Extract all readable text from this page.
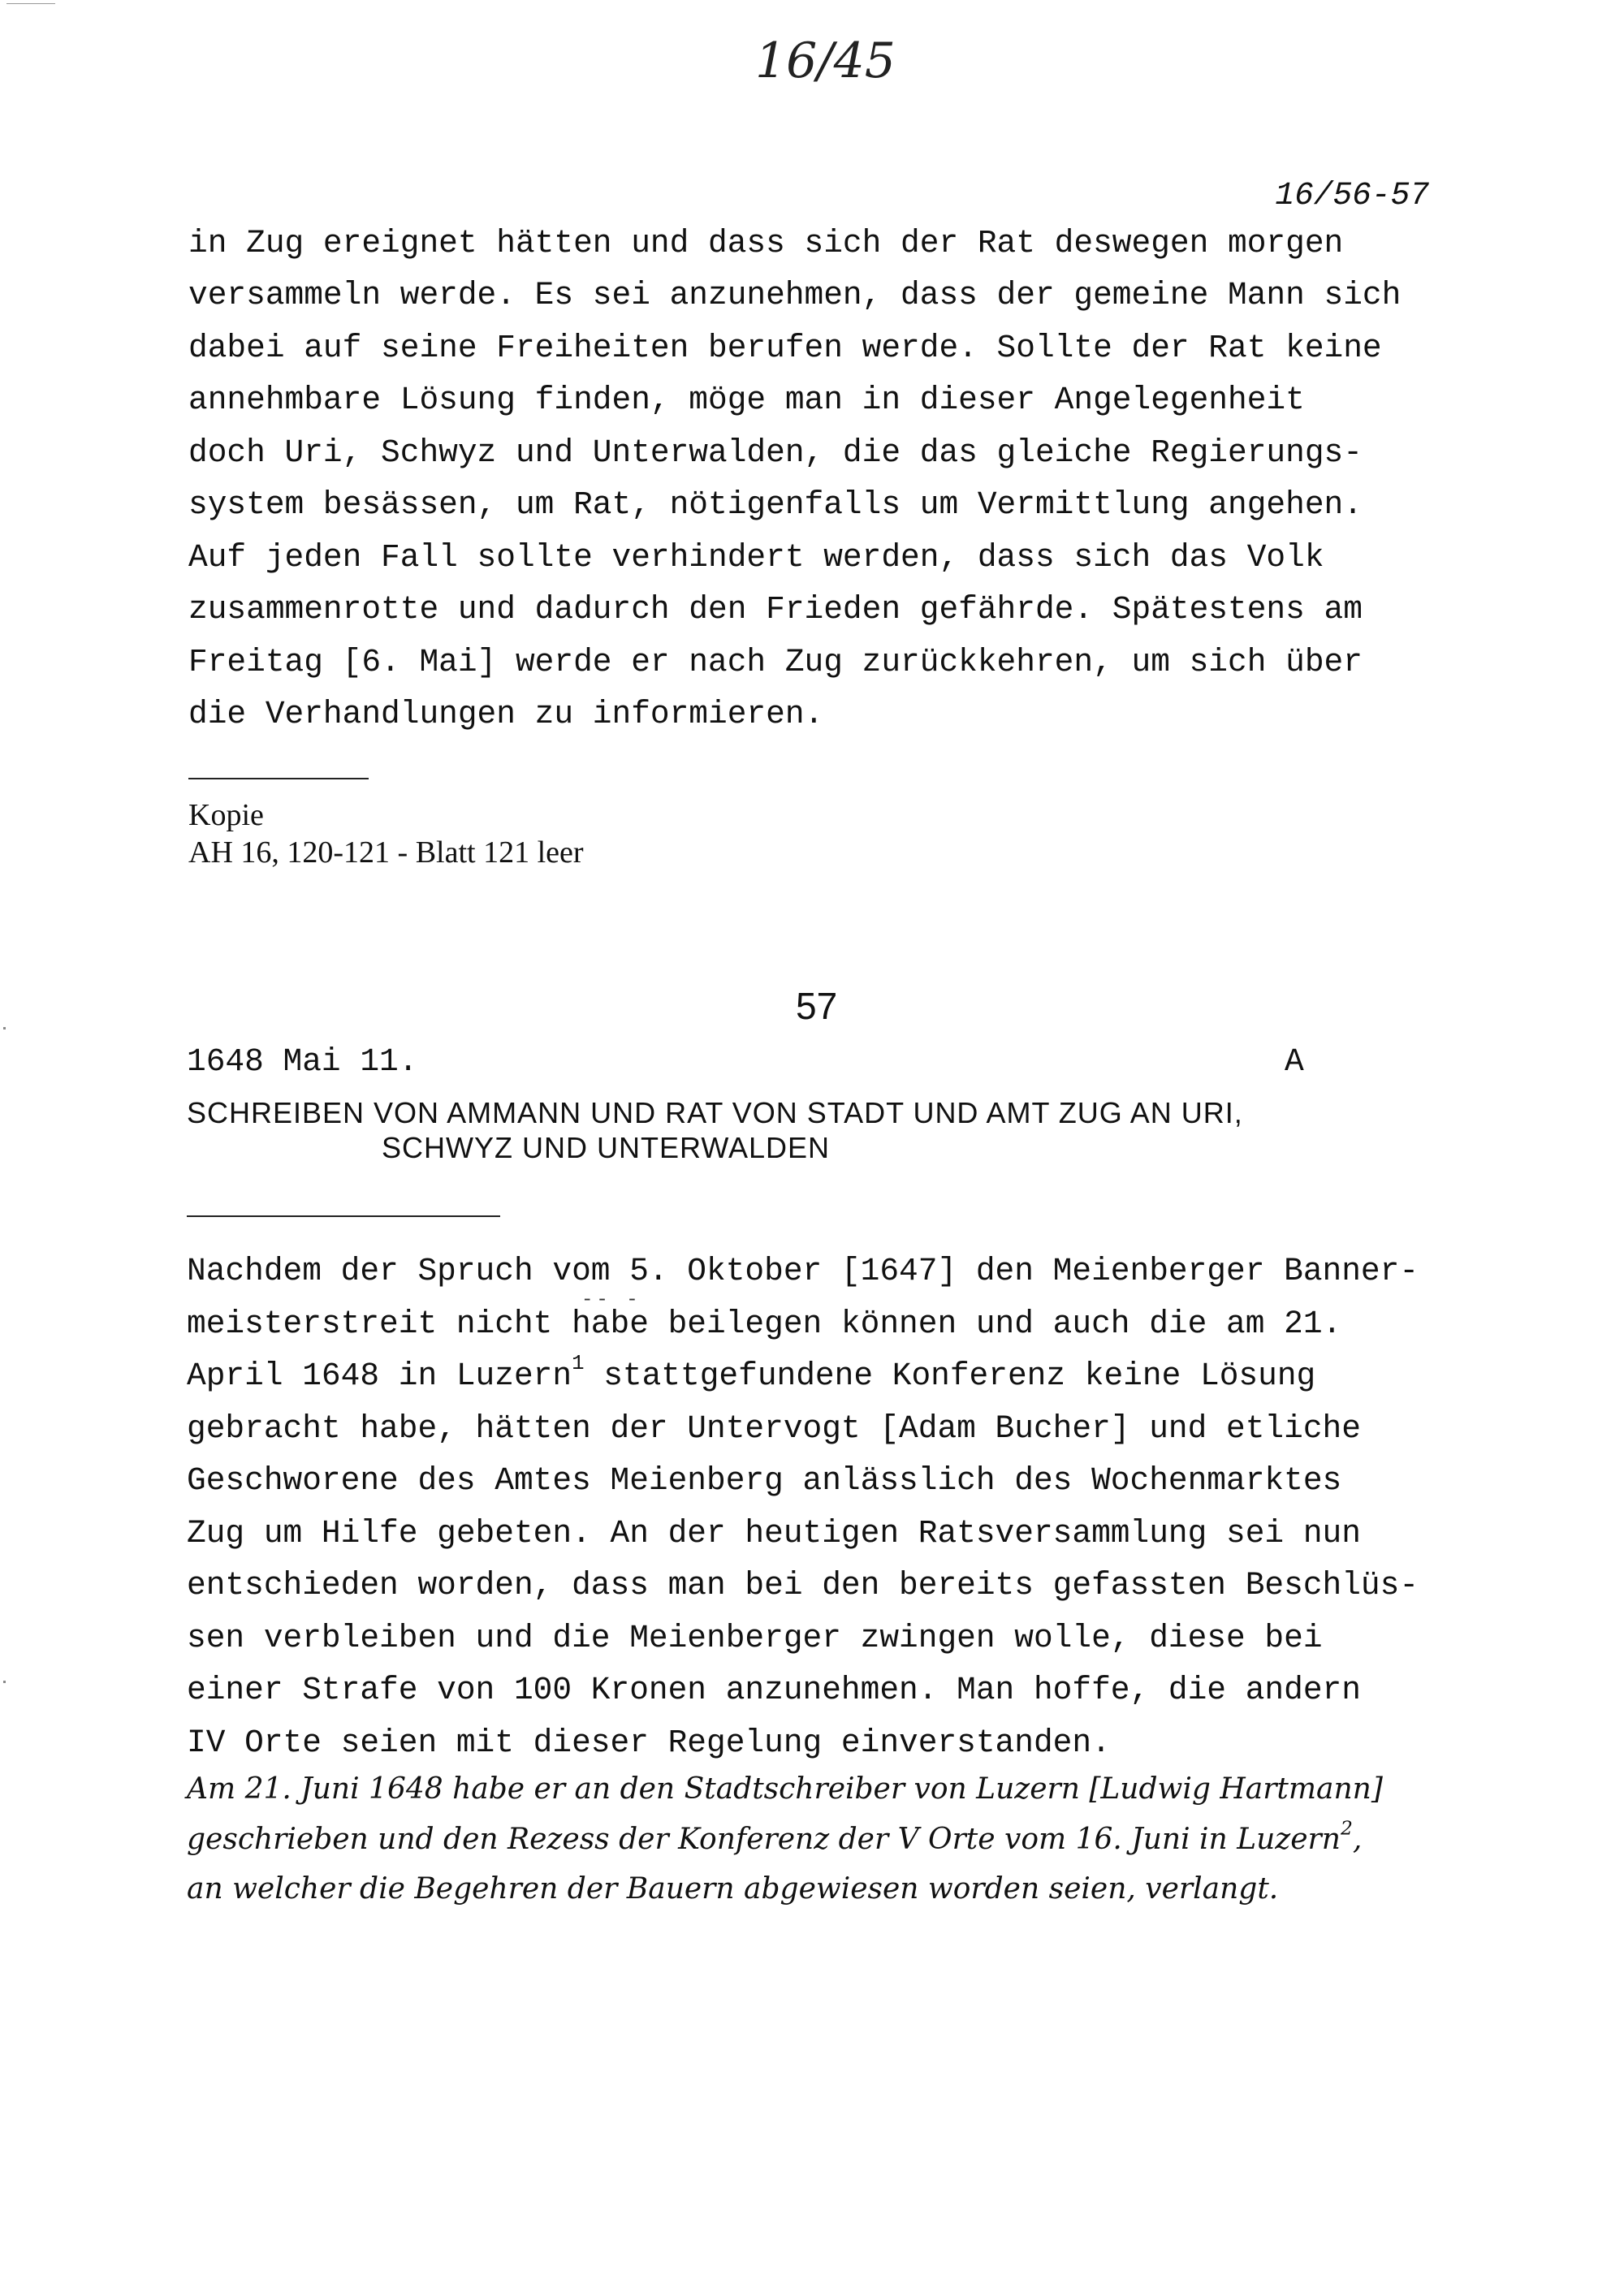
16/45
16/56-57
in Zug ereignet hätten und dass sich der Rat deswegen morgen
versammeln werde. Es sei anzunehmen, dass der gemeine Mann sich
dabei auf seine Freiheiten berufen werde. Sollte der Rat keine
annehmbare Lösung finden, möge man in dieser Angelegenheit
doch Uri, Schwyz und Unterwalden, die das gleiche Regierungs-
system besässen, um Rat, nötigenfalls um Vermittlung angehen.
Auf jeden Fall sollte verhindert werden, dass sich das Volk
zusammenrotte und dadurch den Frieden gefährde. Spätestens am
Freitag [6. Mai] werde er nach Zug zurückkehren, um sich über
die Verhandlungen zu informieren.
Kopie
AH 16, 120-121 - Blatt 121 leer
57
1648 Mai 11.	A
SCHREIBEN VON AMMANN UND RAT VON STADT UND AMT ZUG AN URI,
SCHWYZ UND UNTERWALDEN
Nachdem der Spruch vom 5. Oktober [1647] den Meienberger Banner-
-- -
meisterstreit nicht habe beilegen können und auch die am 21.
April 1648 in Luzern$^1$ stattgefundene Konferenz keine Lösung
gebracht habe, hätten der Untervogt [Adam Bucher] und etliche
Geschworene des Amtes Meienberg anlässlich des Wochenmarktes
Zug um Hilfe gebeten. An der heutigen Ratsversammlung sei nun
entschieden worden, dass man bei den bereits gefassten Beschlüs-
sen verbleiben und die Meienberger zwingen wolle, diese bei
einer Strafe von 100 Kronen anzunehmen. Man hoffe, die andern
IV Orte seien mit dieser Regelung einverstanden.
Am 21. Juni 1648 habe er an den Stadtschreiber von Luzern [Ludwig Hartmann]
geschrieben und den Rezess der Konferenz der V Orte vom 16. Juni in Luzern$^2$,
an welcher die Begehren der Bauern abgewiesen worden seien, verlangt.
